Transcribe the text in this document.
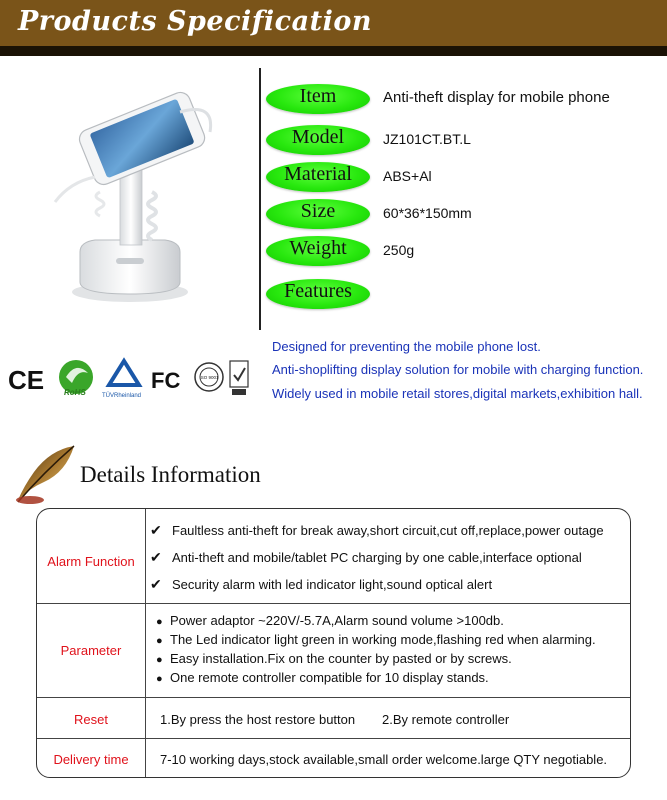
Products Specification
Item	Anti-theft display for mobile phone
Model	JZ101CT.BT.L
Material	ABS+Al
Size	60*36*150mm
Weight	250g
Features
Designed for preventing the mobile phone lost.
Anti-shoplifting display solution for mobile with charging function.
Widely used in mobile retail stores,digital markets,exhibition hall.
CE RoHS	TÜVRheinland
FC	ISO 9001
Details Information
Alarm Function
✔ Faultless anti-theft for break away,short circuit,cut off,replace,power outage
✔ Anti-theft and mobile/tablet PC charging by one cable,interface optional
✔ Security alarm with led indicator light,sound optical alert
Parameter
● Power adaptor ~220V/-5.7A,Alarm sound volume >100db.
● The Led indicator light green in working mode,flashing red when alarming.
● Easy installation.Fix on the counter by pasted or by screws.
● One remote controller compatible for 10 display stands.
Reset	1.By press the host restore button 2.By remote controller
Delivery time	7-10 working days,stock available,small order welcome.large QTY negotiable.
